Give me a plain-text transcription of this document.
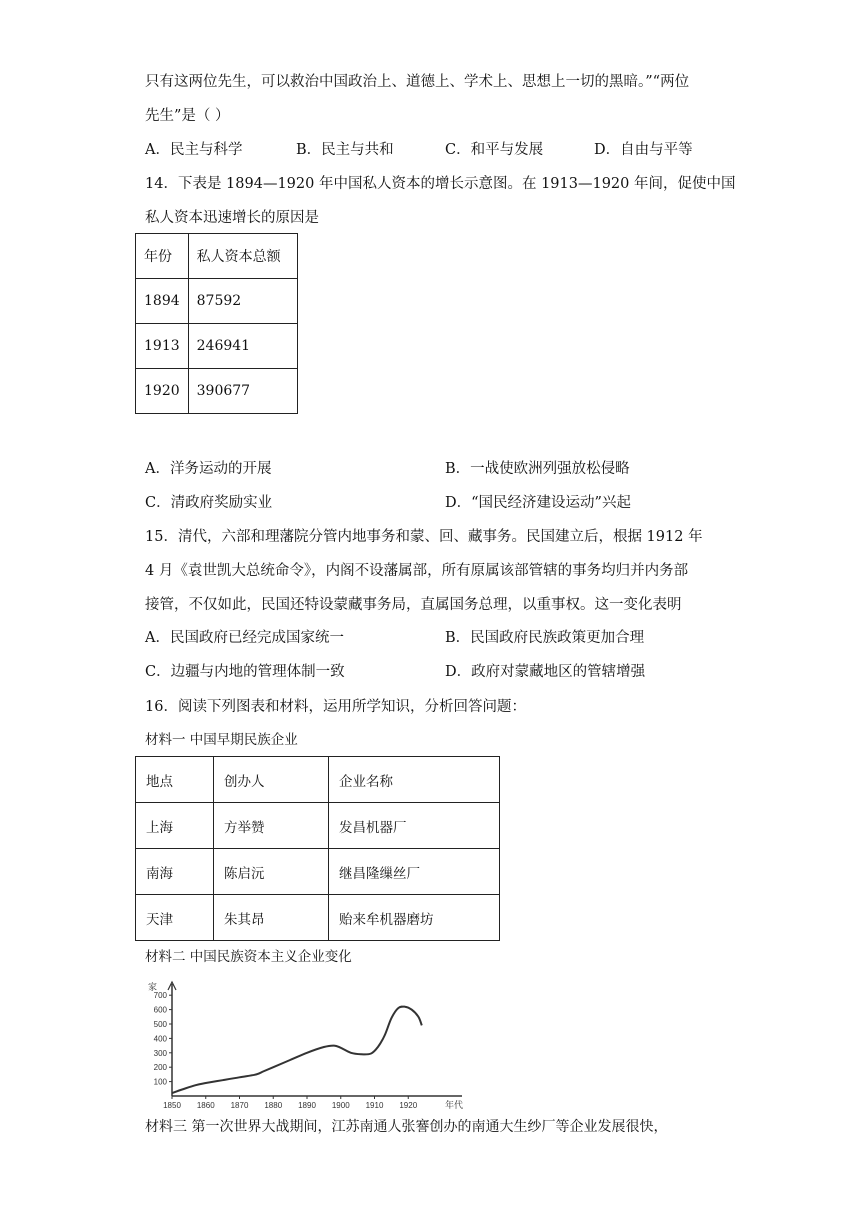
只有这两位先生，可以救治中国政治上、道德上、学术上、思想上一切的黑暗。”“两位
先生”是（ ）
A．民主与科学	B．民主与共和	C．和平与发展	D．自由与平等
14．下表是 1894—1920 年中国私人资本的增长示意图。在 1913—1920 年间，促使中国
私人资本迅速增长的原因是
年份	私人资本总额
1894	87592
1913	246941
1920	390677
A．洋务运动的开展	B．一战使欧洲列强放松侵略
C．清政府奖励实业	D．“国民经济建设运动”兴起
15．清代，六部和理藩院分管内地事务和蒙、回、藏事务。民国建立后，根据 1912 年
4 月《袁世凯大总统命令》，内阁不设藩属部，所有原属该部管辖的事务均归并内务部
接管，不仅如此，民国还特设蒙藏事务局，直属国务总理，以重事权。这一变化表明
A．民国政府已经完成国家统一	B．民国政府民族政策更加合理
C．边疆与内地的管理体制一致	D．政府对蒙藏地区的管辖增强
16．阅读下列图表和材料，运用所学知识，分析回答问题：
材料一 中国早期民族企业
地点	创办人	企业名称
上海	方举赞	发昌机器厂
南海	陈启沅	继昌隆缫丝厂
天津	朱其昂	贻来牟机器磨坊
材料二 中国民族资本主义企业变化
100
200
300
400
500
600
700
家
1850 1860 1870 1880 1890 1900 1910 1920	年代
材料三 第一次世界大战期间，江苏南通人张謇创办的南通大生纱厂等企业发展很快，
